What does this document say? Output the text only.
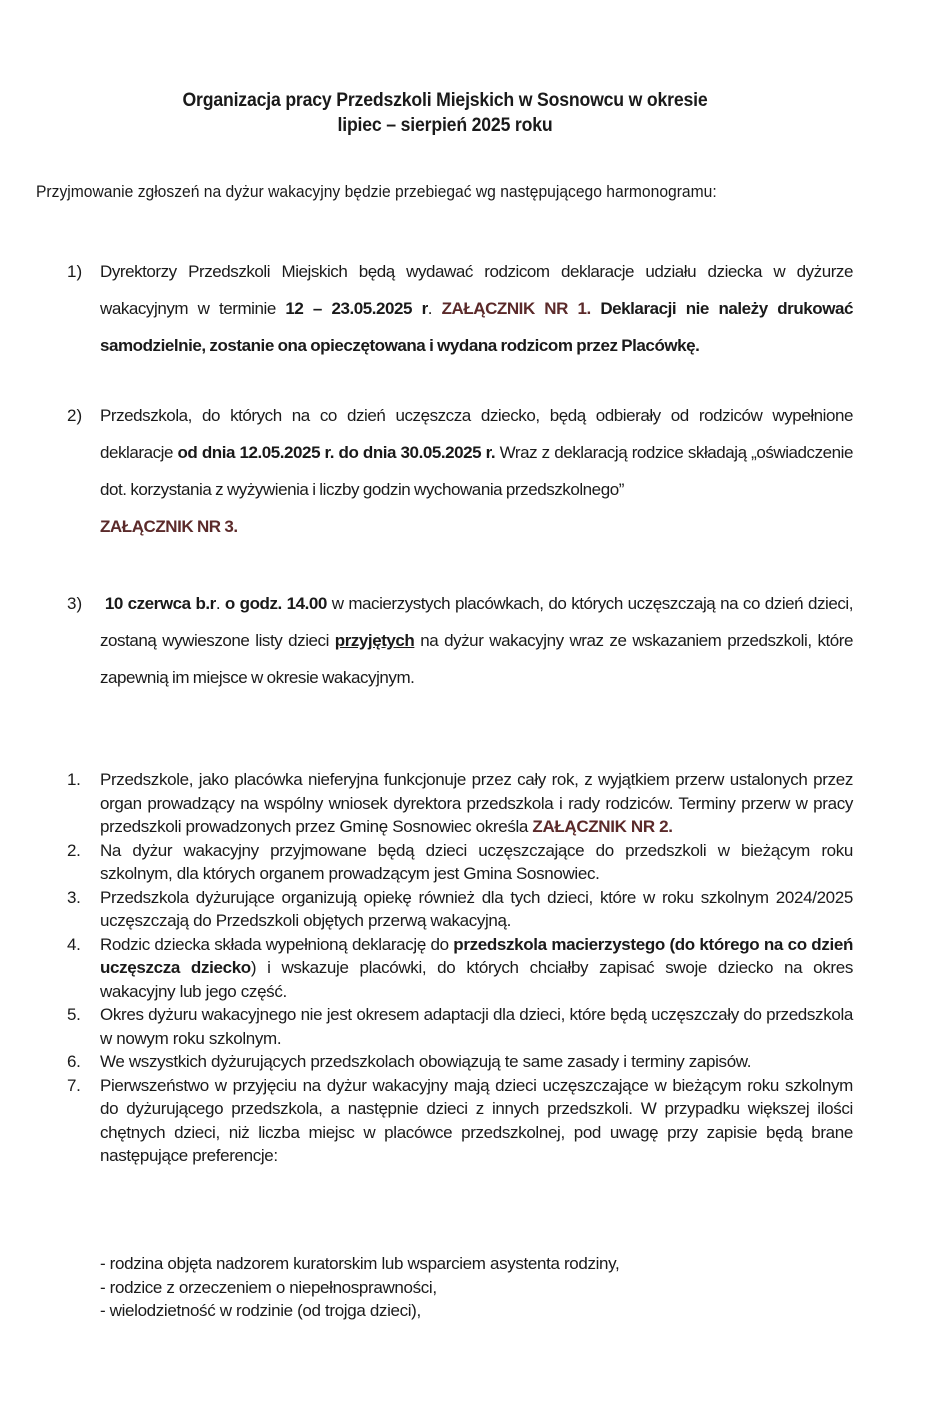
Organizacja pracy Przedszkoli Miejskich w Sosnowcu w okresie
lipiec – sierpień 2025 roku
Przyjmowanie zgłoszeń na dyżur wakacyjny będzie przebiegać wg następującego harmonogramu:
1)	Dyrektorzy Przedszkoli Miejskich będą wydawać rodzicom deklaracje udziału dziecka w dyżurze wakacyjnym w terminie 12 – 23.05.2025 r. ZAŁĄCZNIK NR 1. Deklaracji nie należy drukować samodzielnie, zostanie ona opieczętowana i wydana rodzicom przez Placówkę.
2)	Przedszkola, do których na co dzień uczęszcza dziecko, będą odbierały od rodziców wypełnione deklaracje od dnia 12.05.2025 r. do dnia 30.05.2025 r. Wraz z deklaracją rodzice składają „oświadczenie dot. korzystania z wyżywienia i liczby godzin wychowania przedszkolnego”
ZAŁĄCZNIK NR 3.
3)	10 czerwca b.r. o godz. 14.00 w macierzystych placówkach, do których uczęszczają na co dzień dzieci, zostaną wywieszone listy dzieci przyjętych na dyżur wakacyjny wraz ze wskazaniem przedszkoli, które zapewnią im miejsce w okresie wakacyjnym.
1. Przedszkole, jako placówka nieferyjna funkcjonuje przez cały rok, z wyjątkiem przerw ustalonych przez organ prowadzący na wspólny wniosek dyrektora przedszkola i rady rodziców. Terminy przerw w pracy przedszkoli prowadzonych przez Gminę Sosnowiec określa ZAŁĄCZNIK NR 2.
2. Na dyżur wakacyjny przyjmowane będą dzieci uczęszczające do przedszkoli w bieżącym roku szkolnym, dla których organem prowadzącym jest Gmina Sosnowiec.
3. Przedszkola dyżurujące organizują opiekę również dla tych dzieci, które w roku szkolnym 2024/2025 uczęszczają do Przedszkoli objętych przerwą wakacyjną.
4. Rodzic dziecka składa wypełnioną deklarację do przedszkola macierzystego (do którego na co dzień uczęszcza dziecko) i wskazuje placówki, do których chciałby zapisać swoje dziecko na okres wakacyjny lub jego część.
5. Okres dyżuru wakacyjnego nie jest okresem adaptacji dla dzieci, które będą uczęszczały do przedszkola w nowym roku szkolnym.
6. We wszystkich dyżurujących przedszkolach obowiązują te same zasady i terminy zapisów.
7. Pierwszeństwo w przyjęciu na dyżur wakacyjny mają dzieci uczęszczające w bieżącym roku szkolnym do dyżurującego przedszkola, a następnie dzieci z innych przedszkoli. W przypadku większej ilości chętnych dzieci, niż liczba miejsc w placówce przedszkolnej, pod uwagę przy zapisie będą brane następujące preferencje:
- rodzina objęta nadzorem kuratorskim lub wsparciem asystenta rodziny,
- rodzice z orzeczeniem o niepełnosprawności,
- wielodzietność w rodzinie (od trojga dzieci),
